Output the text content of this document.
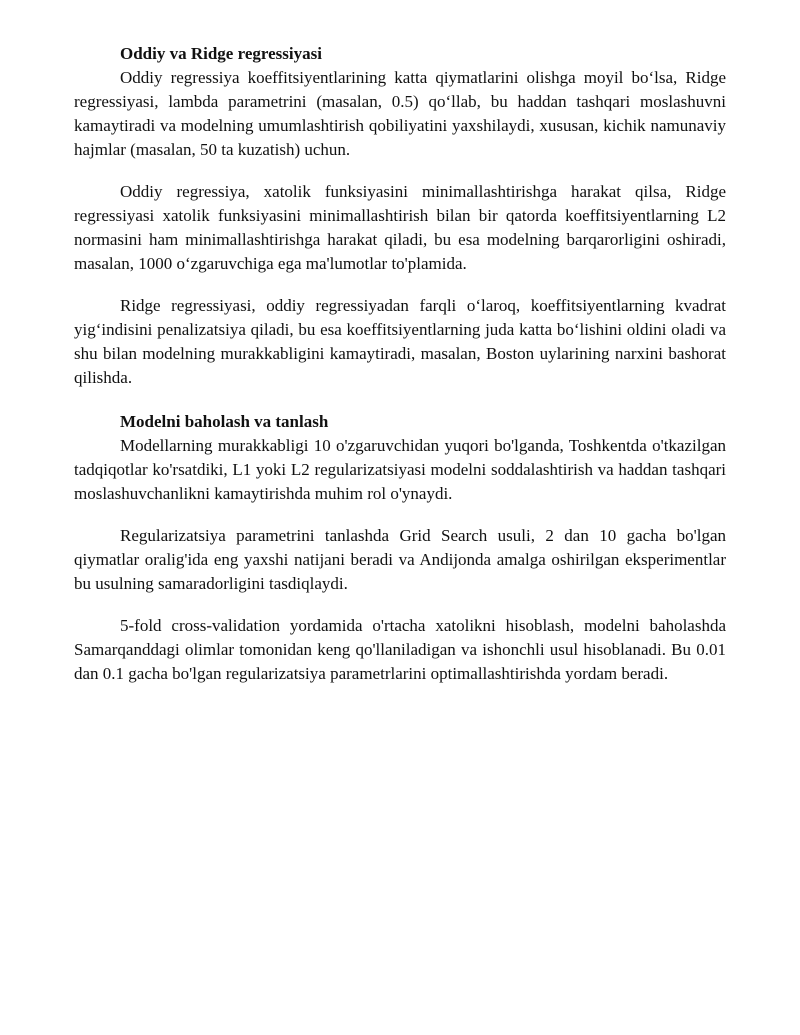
Oddiy va Ridge regressiyasi

Oddiy regressiya koeffitsiyentlarining katta qiymatlarini olishga moyil bo‘lsa, Ridge regressiyasi, lambda parametrini (masalan, 0.5) qo‘llab, bu haddan tashqari moslashuvni kamaytiradi va modelning umumlashtirish qobiliyatini yaxshilaydi, xususan, kichik namunaviy hajmlar (masalan, 50 ta kuzatish) uchun.

Oddiy regressiya, xatolik funksiyasini minimallashtirishga harakat qilsa, Ridge regressiyasi xatolik funksiyasini minimallashtirish bilan bir qatorda koeffitsiyentlarning L2 normasini ham minimallashtirishga harakat qiladi, bu esa modelning barqarorligini oshiradi, masalan, 1000 o‘zgaruvchiga ega ma'lumotlar to'plamida.

Ridge regressiyasi, oddiy regressiyadan farqli o‘laroq, koeffitsiyentlarning kvadrat yig‘indisini penalizatsiya qiladi, bu esa koeffitsiyentlarning juda katta bo‘lishini oldini oladi va shu bilan modelning murakkabligini kamaytiradi, masalan, Boston uylarining narxini bashorat qilishda.

Modelni baholash va tanlash

Modellarning murakkabligi 10 o'zgaruvchidan yuqori bo'lganda, Toshkentda o'tkazilgan tadqiqotlar ko'rsatdiki, L1 yoki L2 regularizatsiyasi modelni soddalashtirish va haddan tashqari moslashuvchanlikni kamaytirishda muhim rol o'ynaydi.

Regularizatsiya parametrini tanlashda Grid Search usuli, 2 dan 10 gacha bo'lgan qiymatlar oralig'ida eng yaxshi natijani beradi va Andijonda amalga oshirilgan eksperimentlar bu usulning samaradorligini tasdiqlaydi.

5-fold cross-validation yordamida o'rtacha xatolikni hisoblash, modelni baholashda Samarqanddagi olimlar tomonidan keng qo'llaniladigan va ishonchli usul hisoblanadi. Bu 0.01 dan 0.1 gacha bo'lgan regularizatsiya parametrlarini optimallashtirishda yordam beradi.
